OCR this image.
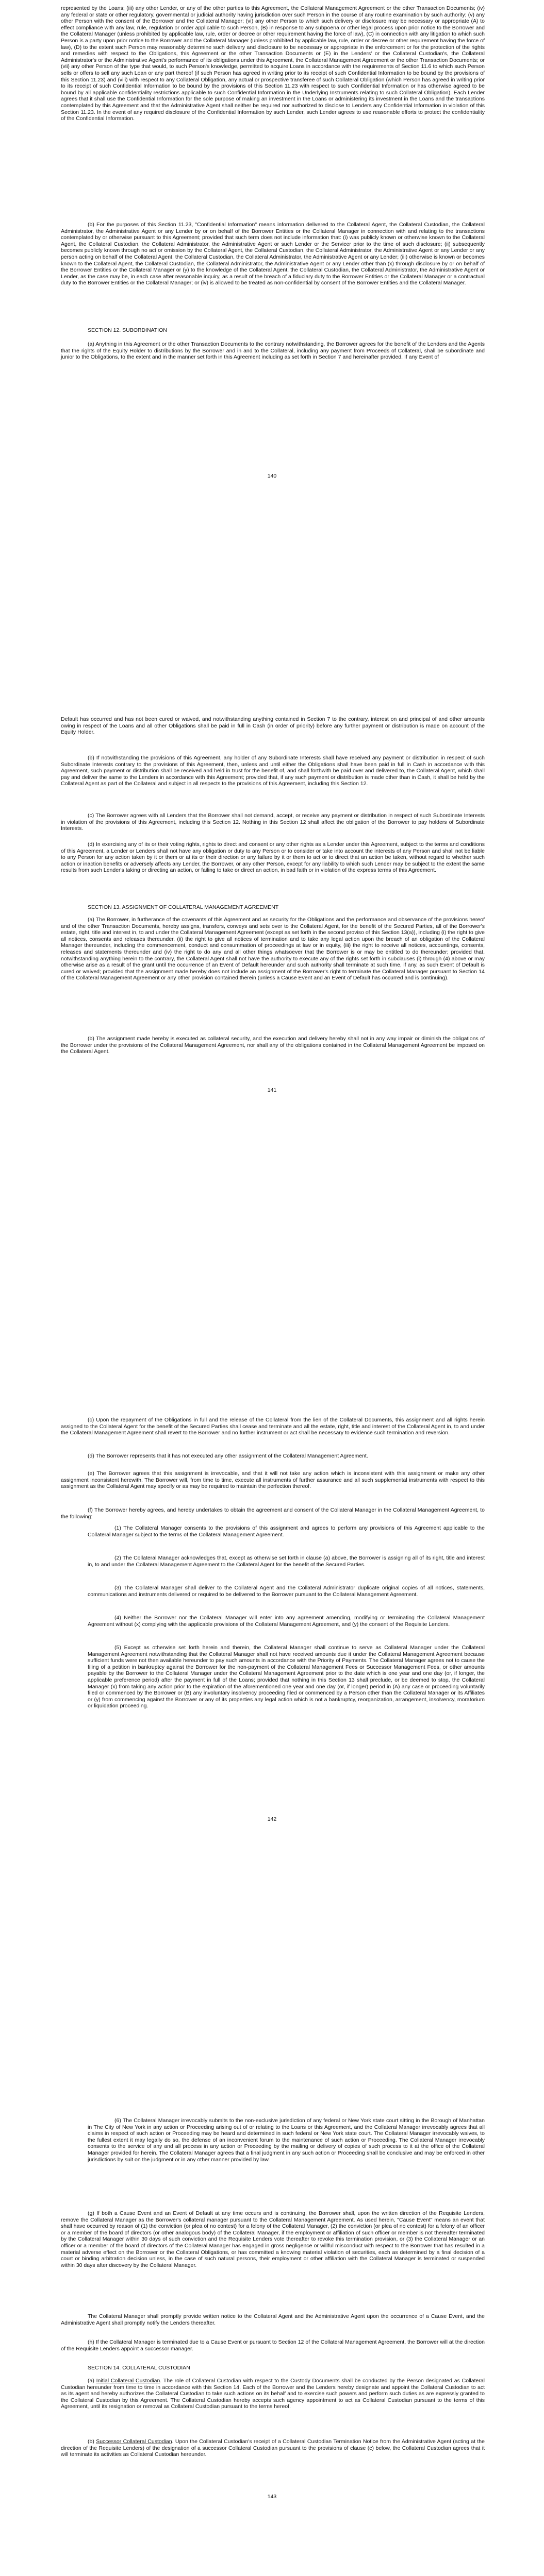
represented by the Loans; (iii) any other Lender, or any of the other parties to this Agreement, the Collateral Management Agreement or the other Transaction Documents; (iv) any federal or state or other regulatory, governmental or judicial authority having jurisdiction over such Person in the course of any routine examination by such authority; (v) any other Person with the consent of the Borrower and the Collateral Manager; (vi) any other Person to which such delivery or disclosure may be necessary or appropriate (A) to effect compliance with any law, rule, regulation or order applicable to such Person, (B) in response to any subpoena or other legal process upon prior notice to the Borrower and the Collateral Manager (unless prohibited by applicable law, rule, order or decree or other requirement having the force of law), (C) in connection with any litigation to which such Person is a party upon prior notice to the Borrower and the Collateral Manager (unless prohibited by applicable law, rule, order or decree or other requirement having the force of law), (D) to the extent such Person may reasonably determine such delivery and disclosure to be necessary or appropriate in the enforcement or for the protection of the rights and remedies with respect to the Obligations, this Agreement or the other Transaction Documents or (E) in the Lenders' or the Collateral Custodian's, the Collateral Administrator's or the Administrative Agent's performance of its obligations under this Agreement, the Collateral Management Agreement or the other Transaction Documents; or (vii) any other Person of the type that would, to such Person's knowledge, permitted to acquire Loans in accordance with the requirements of Section 11.6 to which such Person sells or offers to sell any such Loan or any part thereof (if such Person has agreed in writing prior to its receipt of such Confidential Information to be bound by the provisions of this Section 11.23) and (viii) with respect to any Collateral Obligation, any actual or prospective transferee of such Collateral Obligation (which Person has agreed in writing prior to its receipt of such Confidential Information to be bound by the provisions of this Section 11.23 with respect to such Confidential Information or has otherwise agreed to be bound by all applicable confidentiality restrictions applicable to such Confidential Information in the Underlying Instruments relating to such Collateral Obligation). Each Lender agrees that it shall use the Confidential Information for the sole purpose of making an investment in the Loans or administering its investment in the Loans and the transactions contemplated by this Agreement and that the Administrative Agent shall neither be required nor authorized to disclose to Lenders any Confidential Information in violation of this Section 11.23. In the event of any required disclosure of the Confidential Information by such Lender, such Lender agrees to use reasonable efforts to protect the confidentiality of the Confidential Information.

(b) For the purposes of this Section 11.23, "Confidential Information" means information delivered to the Collateral Agent, the Collateral Custodian, the Collateral Administrator, the Administrative Agent or any Lender by or on behalf of the Borrower Entities or the Collateral Manager in connection with and relating to the transactions contemplated by or otherwise pursuant to this Agreement; provided that such term does not include information that: (i) was publicly known or otherwise known to the Collateral Agent, the Collateral Custodian, the Collateral Administrator, the Administrative Agent or such Lender or the Servicer prior to the time of such disclosure; (ii) subsequently becomes publicly known through no act or omission by the Collateral Agent, the Collateral Custodian, the Collateral Administrator, the Administrative Agent or any Lender or any person acting on behalf of the Collateral Agent, the Collateral Custodian, the Collateral Administrator, the Administrative Agent or any Lender; (iii) otherwise is known or becomes known to the Collateral Agent, the Collateral Custodian, the Collateral Administrator, the Administrative Agent or any Lender other than (x) through disclosure by or on behalf of the Borrower Entities or the Collateral Manager or (y) to the knowledge of the Collateral Agent, the Collateral Custodian, the Collateral Administrator, the Administrative Agent or Lender, as the case may be, in each case after reasonable inquiry, as a result of the breach of a fiduciary duty to the Borrower Entities or the Collateral Manager or a contractual duty to the Borrower Entities or the Collateral Manager; or (iv) is allowed to be treated as non-confidential by consent of the Borrower Entities and the Collateral Manager.

SECTION 12. SUBORDINATION

(a) Anything in this Agreement or the other Transaction Documents to the contrary notwithstanding, the Borrower agrees for the benefit of the Lenders and the Agents that the rights of the Equity Holder to distributions by the Borrower and in and to the Collateral, including any payment from Proceeds of Collateral, shall be subordinate and junior to the Obligations, to the extent and in the manner set forth in this Agreement including as set forth in Section 7 and hereinafter provided. If any Event of

140

Default has occurred and has not been cured or waived, and notwithstanding anything contained in Section 7 to the contrary, interest on and principal of and other amounts owing in respect of the Loans and all other Obligations shall be paid in full in Cash (in order of priority) before any further payment or distribution is made on account of the Equity Holder.

(b) If notwithstanding the provisions of this Agreement, any holder of any Subordinate Interests shall have received any payment or distribution in respect of such Subordinate Interests contrary to the provisions of this Agreement, then, unless and until either the Obligations shall have been paid in full in Cash in accordance with this Agreement, such payment or distribution shall be received and held in trust for the benefit of, and shall forthwith be paid over and delivered to, the Collateral Agent, which shall pay and deliver the same to the Lenders in accordance with this Agreement; provided that, if any such payment or distribution is made other than in Cash, it shall be held by the Collateral Agent as part of the Collateral and subject in all respects to the provisions of this Agreement, including this Section 12.

(c) The Borrower agrees with all Lenders that the Borrower shall not demand, accept, or receive any payment or distribution in respect of such Subordinate Interests in violation of the provisions of this Agreement, including this Section 12. Nothing in this Section 12 shall affect the obligation of the Borrower to pay holders of Subordinate Interests.

(d) In exercising any of its or their voting rights, rights to direct and consent or any other rights as a Lender under this Agreement, subject to the terms and conditions of this Agreement, a Lender or Lenders shall not have any obligation or duty to any Person or to consider or take into account the interests of any Person and shall not be liable to any Person for any action taken by it or them or at its or their direction or any failure by it or them to act or to direct that an action be taken, without regard to whether such action or inaction benefits or adversely affects any Lender, the Borrower, or any other Person, except for any liability to which such Lender may be subject to the extent the same results from such Lender's taking or directing an action, or failing to take or direct an action, in bad faith or in violation of the express terms of this Agreement.

SECTION 13. ASSIGNMENT OF COLLATERAL MANAGEMENT AGREEMENT

(a) The Borrower, in furtherance of the covenants of this Agreement and as security for the Obligations and the performance and observance of the provisions hereof and of the other Transaction Documents, hereby assigns, transfers, conveys and sets over to the Collateral Agent, for the benefit of the Secured Parties, all of the Borrower's estate, right, title and interest in, to and under the Collateral Management Agreement (except as set forth in the second proviso of this Section 13(a)), including (i) the right to give all notices, consents and releases thereunder, (ii) the right to give all notices of termination and to take any legal action upon the breach of an obligation of the Collateral Manager thereunder, including the commencement, conduct and consummation of proceedings at law or in equity, (iii) the right to receive all notices, accountings, consents, releases and statements thereunder and (iv) the right to do any and all other things whatsoever that the Borrower is or may be entitled to do thereunder; provided that, notwithstanding anything herein to the contrary, the Collateral Agent shall not have the authority to execute any of the rights set forth in subclauses (i) through (4) above or may otherwise arise as a result of the grant until the occurrence of an Event of Default hereunder and such authority shall terminate at such time, if any, as such Event of Default is cured or waived; provided that the assignment made hereby does not include an assignment of the Borrower's right to terminate the Collateral Manager pursuant to Section 14 of the Collateral Management Agreement or any other provision contained therein (unless a Cause Event and an Event of Default has occurred and is continuing).

(b) The assignment made hereby is executed as collateral security, and the execution and delivery hereby shall not in any way impair or diminish the obligations of the Borrower under the provisions of the Collateral Management Agreement, nor shall any of the obligations contained in the Collateral Management Agreement be imposed on the Collateral Agent.

141

(c) Upon the repayment of the Obligations in full and the release of the Collateral from the lien of the Collateral Documents, this assignment and all rights herein assigned to the Collateral Agent for the benefit of the Secured Parties shall cease and terminate and all the estate, right, title and interest of the Collateral Agent in, to and under the Collateral Management Agreement shall revert to the Borrower and no further instrument or act shall be necessary to evidence such termination and reversion.

(d) The Borrower represents that it has not executed any other assignment of the Collateral Management Agreement.

(e) The Borrower agrees that this assignment is irrevocable, and that it will not take any action which is inconsistent with this assignment or make any other assignment inconsistent herewith. The Borrower will, from time to time, execute all instruments of further assurance and all such supplemental instruments with respect to this assignment as the Collateral Agent may specify or as may be required to maintain the perfection thereof.

(f) The Borrower hereby agrees, and hereby undertakes to obtain the agreement and consent of the Collateral Manager in the Collateral Management Agreement, to the following:

(1) The Collateral Manager consents to the provisions of this assignment and agrees to perform any provisions of this Agreement applicable to the Collateral Manager subject to the terms of the Collateral Management Agreement.

(2) The Collateral Manager acknowledges that, except as otherwise set forth in clause (a) above, the Borrower is assigning all of its right, title and interest in, to and under the Collateral Management Agreement to the Collateral Agent for the benefit of the Secured Parties.

(3) The Collateral Manager shall deliver to the Collateral Agent and the Collateral Administrator duplicate original copies of all notices, statements, communications and instruments delivered or required to be delivered to the Borrower pursuant to the Collateral Management Agreement.

(4) Neither the Borrower nor the Collateral Manager will enter into any agreement amending, modifying or terminating the Collateral Management Agreement without (x) complying with the applicable provisions of the Collateral Management Agreement, and (y) the consent of the Requisite Lenders.

(5) Except as otherwise set forth herein and therein, the Collateral Manager shall continue to serve as Collateral Manager under the Collateral Management Agreement notwithstanding that the Collateral Manager shall not have received amounts due it under the Collateral Management Agreement because sufficient funds were not then available hereunder to pay such amounts in accordance with the Priority of Payments. The Collateral Manager agrees not to cause the filing of a petition in bankruptcy against the Borrower for the non-payment of the Collateral Management Fees or Successor Management Fees, or other amounts payable by the Borrower to the Collateral Manager under the Collateral Management Agreement prior to the date which is one year and one day (or, if longer, the applicable preference period) after the payment in full of the Loans; provided that nothing in this Section 13 shall preclude, or be deemed to stop, the Collateral Manager (x) from taking any action prior to the expiration of the aforementioned one year and one day (or, if longer) period in (A) any case or proceeding voluntarily filed or commenced by the Borrower or (B) any involuntary insolvency proceeding filed or commenced by a Person other than the Collateral Manager or its Affiliates or (y) from commencing against the Borrower or any of its properties any legal action which is not a bankruptcy, reorganization, arrangement, insolvency, moratorium or liquidation proceeding.

142

(6) The Collateral Manager irrevocably submits to the non-exclusive jurisdiction of any federal or New York state court sitting in the Borough of Manhattan in The City of New York in any action or Proceeding arising out of or relating to the Loans or this Agreement, and the Collateral Manager irrevocably agrees that all claims in respect of such action or Proceeding may be heard and determined in such federal or New York state court. The Collateral Manager irrevocably waives, to the fullest extent it may legally do so, the defense of an inconvenient forum to the maintenance of such action or Proceeding. The Collateral Manager irrevocably consents to the service of any and all process in any action or Proceeding by the mailing or delivery of copies of such process to it at the office of the Collateral Manager provided for herein. The Collateral Manager agrees that a final judgment in any such action or Proceeding shall be conclusive and may be enforced in other jurisdictions by suit on the judgment or in any other manner provided by law.

(g) If both a Cause Event and an Event of Default at any time occurs and is continuing, the Borrower shall, upon the written direction of the Requisite Lenders, remove the Collateral Manager as the Borrower's collateral manager pursuant to the Collateral Management Agreement. As used herein, "Cause Event" means an event that shall have occurred by reason of (1) the conviction (or plea of no contest) for a felony of the Collateral Manager, (2) the conviction (or plea of no contest) for a felony of an officer or a member of the board of directors (or other analogous body) of the Collateral Manager, if the employment or affiliation of such officer or member is not thereafter terminated by the Collateral Manager within 30 days of such conviction and the Requisite Lenders vote thereafter to revoke this termination provision, or (3) the Collateral Manager or an officer or a member of the board of directors of the Collateral Manager has engaged in gross negligence or willful misconduct with respect to the Borrower that has resulted in a material adverse effect on the Borrower or the Collateral Obligations, or has committed a knowing material violation of securities, each as determined by a final decision of a court or binding arbitration decision unless, in the case of such natural persons, their employment or other affiliation with the Collateral Manager is terminated or suspended within 30 days after discovery by the Collateral Manager.

The Collateral Manager shall promptly provide written notice to the Collateral Agent and the Administrative Agent upon the occurrence of a Cause Event, and the Administrative Agent shall promptly notify the Lenders thereafter.

(h) If the Collateral Manager is terminated due to a Cause Event or pursuant to Section 12 of the Collateral Management Agreement, the Borrower will at the direction of the Requisite Lenders appoint a successor manager.

SECTION 14. COLLATERAL CUSTODIAN

(a) Initial Collateral Custodian. The role of Collateral Custodian with respect to the Custody Documents shall be conducted by the Person designated as Collateral Custodian hereunder from time to time in accordance with this Section 14. Each of the Borrower and the Lenders hereby designate and appoint the Collateral Custodian to act as its agent and hereby authorizes the Collateral Custodian to take such actions on its behalf and to exercise such powers and perform such duties as are expressly granted to the Collateral Custodian by this Agreement. The Collateral Custodian hereby accepts such agency appointment to act as Collateral Custodian pursuant to the terms of this Agreement, until its resignation or removal as Collateral Custodian pursuant to the terms hereof.

(b) Successor Collateral Custodian. Upon the Collateral Custodian's receipt of a Collateral Custodian Termination Notice from the Administrative Agent (acting at the direction of the Requisite Lenders) of the designation of a successor Collateral Custodian pursuant to the provisions of clause (c) below, the Collateral Custodian agrees that it will terminate its activities as Collateral Custodian hereunder.

143
